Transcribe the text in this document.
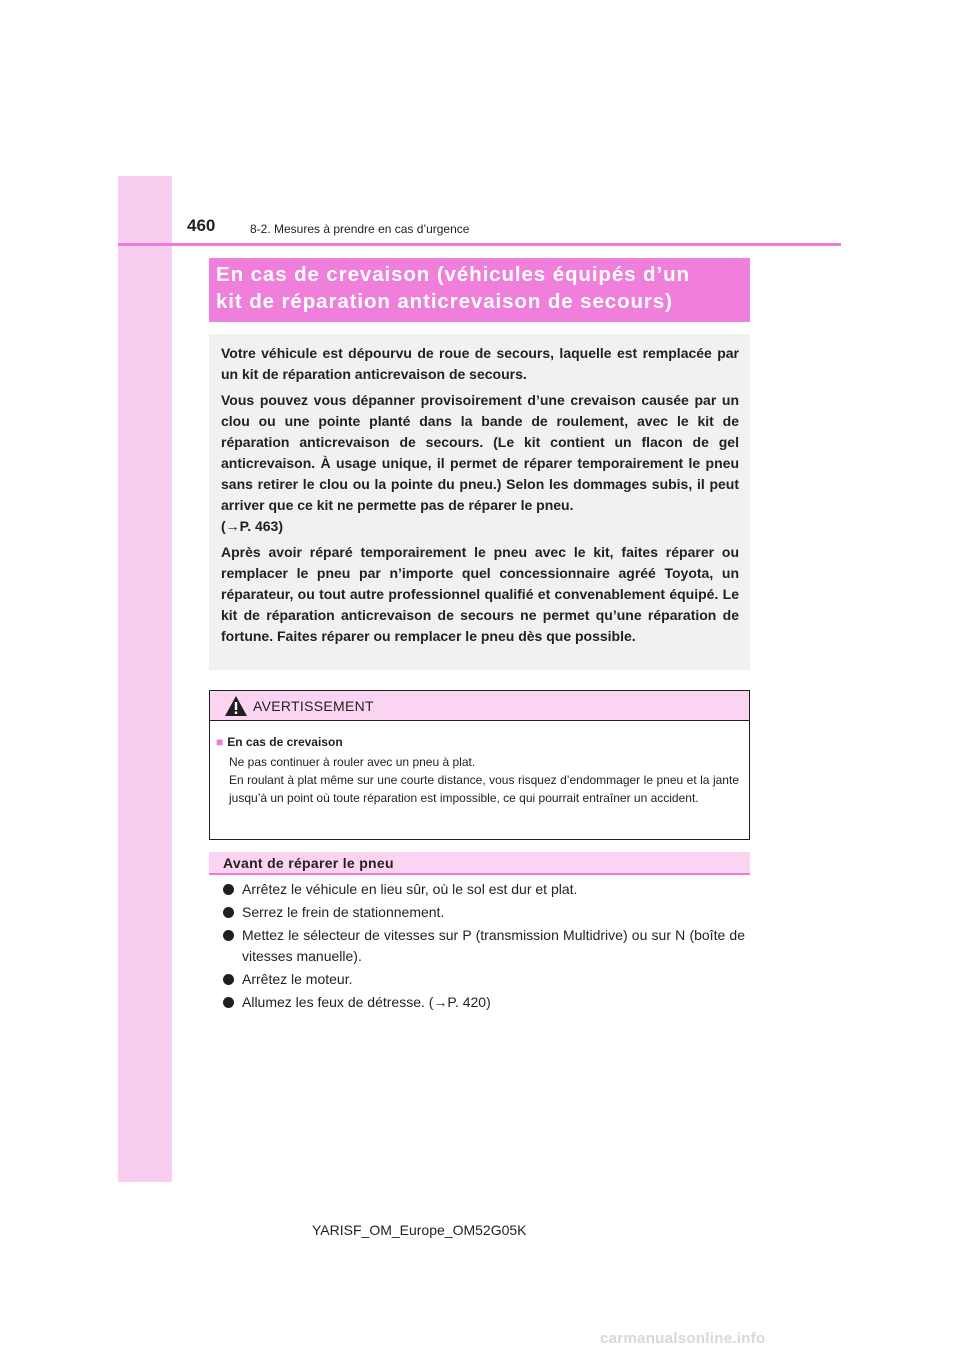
460	8-2. Mesures à prendre en cas d’urgence

En cas de crevaison (véhicules équipés d’un

kit de réparation anticrevaison de secours)

Votre véhicule est dépourvu de roue de secours, laquelle est remplacée par un kit de réparation anticrevaison de secours.

Vous pouvez vous dépanner provisoirement d’une crevaison causée par un clou ou une pointe planté dans la bande de roulement, avec le kit de réparation anticrevaison de secours. (Le kit contient un flacon de gel anticrevaison. À usage unique, il permet de réparer temporairement le pneu sans retirer le clou ou la pointe du pneu.) Selon les dommages subis, il peut arriver que ce kit ne permette pas de réparer le pneu.
(→P. 463)

Après avoir réparé temporairement le pneu avec le kit, faites réparer ou remplacer le pneu par n’importe quel concessionnaire agréé Toyota, un réparateur, ou tout autre professionnel qualifié et convenablement équipé. Le kit de réparation anticrevaison de secours ne permet qu’une réparation de fortune. Faites réparer ou remplacer le pneu dès que possible.

AVERTISSEMENT

■ En cas de crevaison

Ne pas continuer à rouler avec un pneu à plat.
En roulant à plat même sur une courte distance, vous risquez d’endommager le pneu et la jante jusqu’à un point où toute réparation est impossible, ce qui pourrait entraîner un accident.

Avant de réparer le pneu
Arrêtez le véhicule en lieu sûr, où le sol est dur et plat.
Serrez le frein de stationnement.
Mettez le sélecteur de vitesses sur P (transmission Multidrive) ou sur N (boîte de vitesses manuelle).
Arrêtez le moteur.
Allumez les feux de détresse. (→P. 420)
YARISF_OM_Europe_OM52G05K
carmanualsonline.info
